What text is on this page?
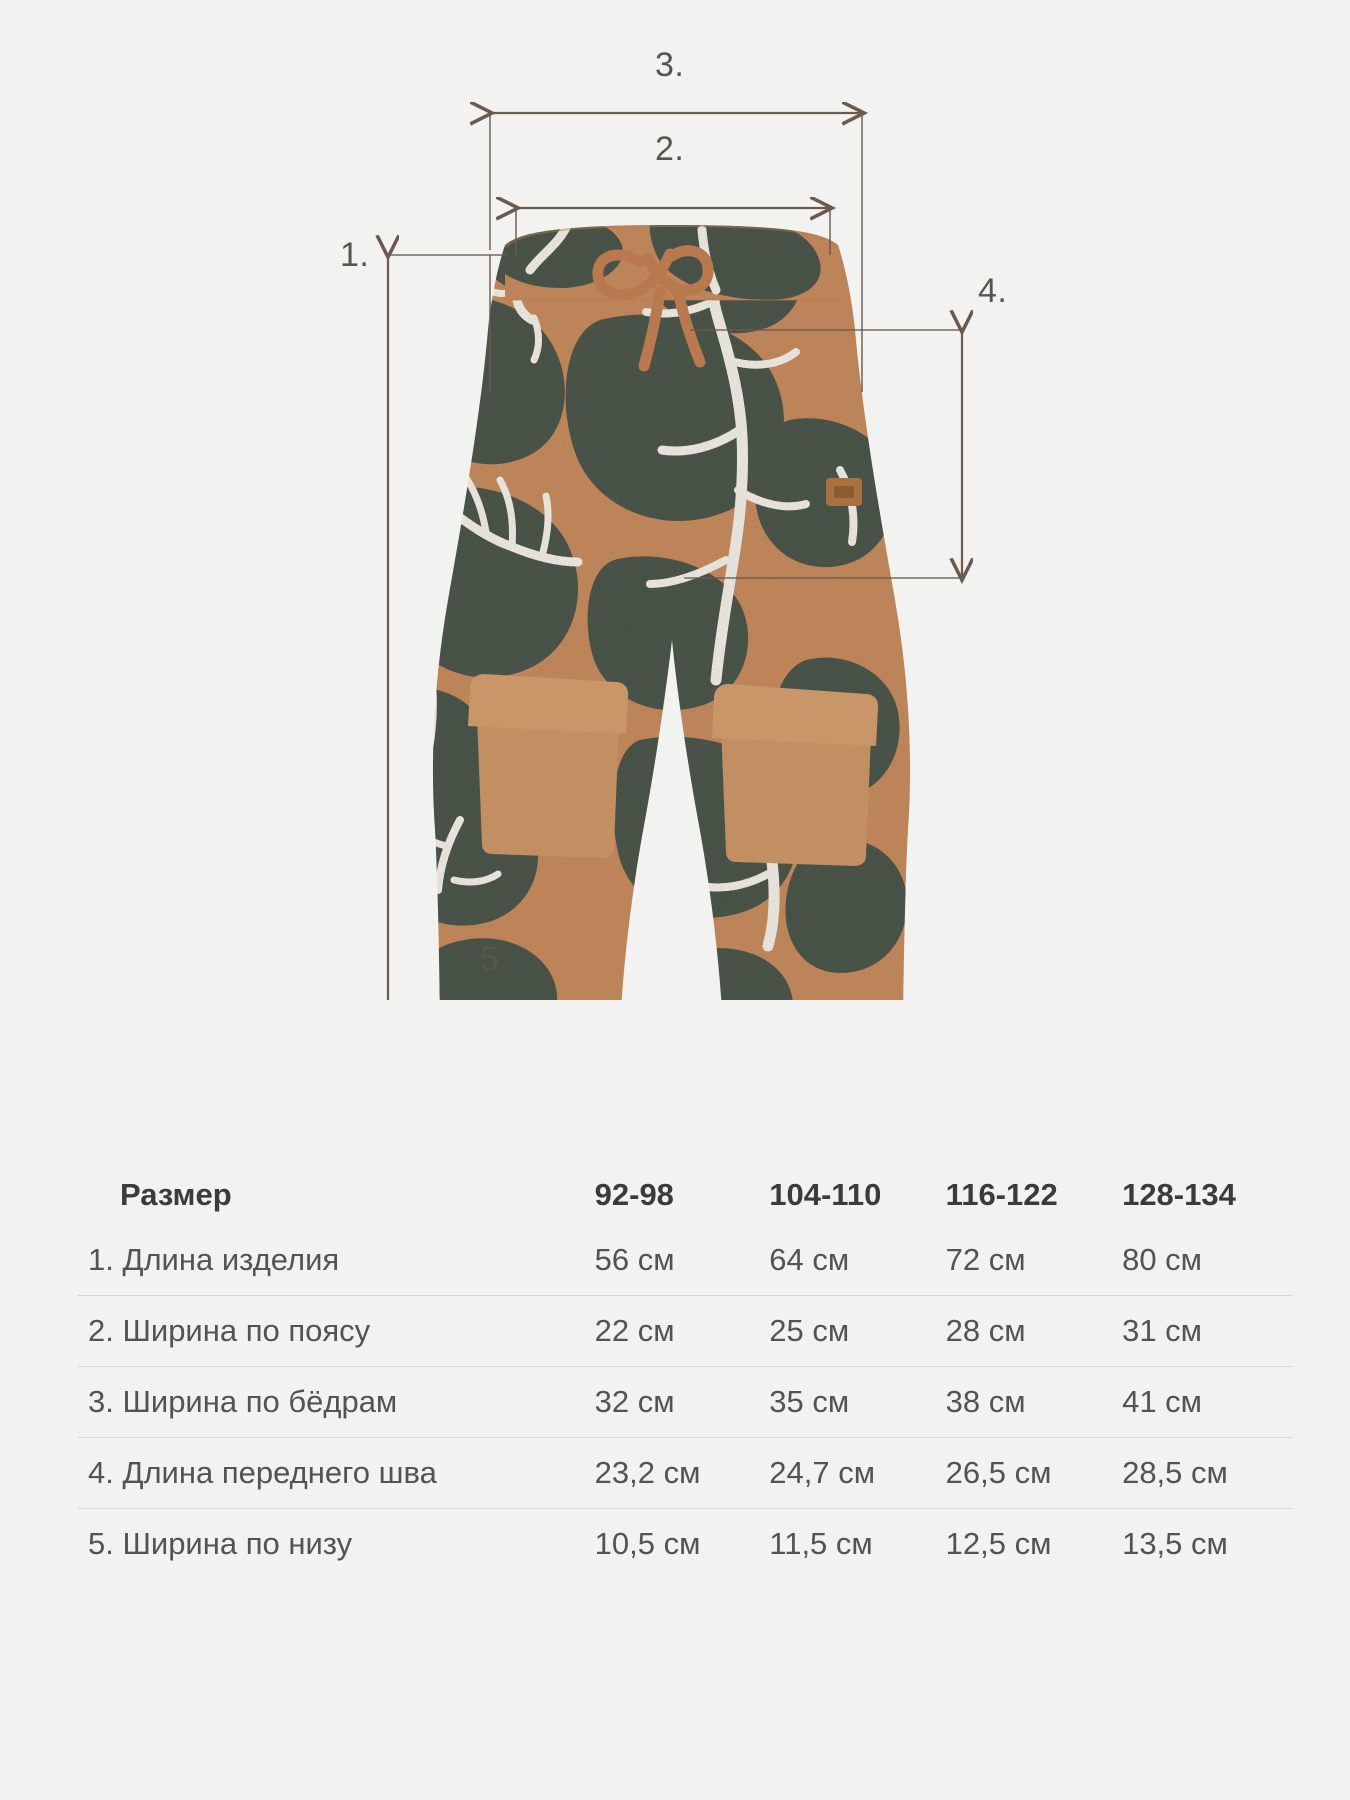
1.
2.
3.
4.
5.
Размер	92-98	104-110	116-122	128-134
1. Длина изделия	56 см	64 см	72 см	80 см
2. Ширина по поясу	22 см	25 см	28 см	31 см
3. Ширина по бёдрам	32 см	35 см	38 см	41 см
4. Длина переднего шва	23,2 см	24,7 см	26,5 см	28,5 см
5. Ширина по низу	10,5 см	11,5 см	12,5 см	13,5 см
